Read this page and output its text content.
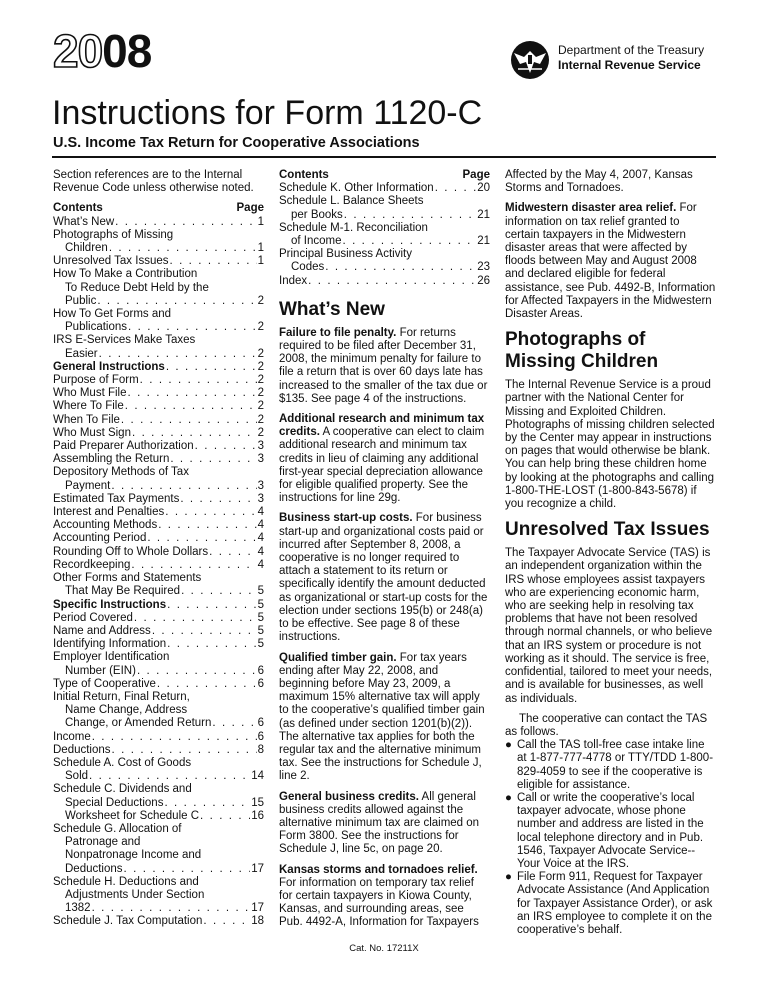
2008	Department of the Treasury
Internal Revenue Service
Instructions for Form 1120-C
U.S. Income Tax Return for Cooperative Associations

Section references are to the Internal Revenue Code unless otherwise noted.

Contents	Page
What’s New . . .	1
Photographs of Missing
Children . . .	1
Unresolved Tax Issues . . .	1
How To Make a Contribution
To Reduce Debt Held by the
Public . . .	2
How To Get Forms and
Publications . . .	2
IRS E-Services Make Taxes
Easier . . .	2
General Instructions . . .	2
Purpose of Form . . .	2
Who Must File . . .	2
Where To File . . .	2
When To File . . .	2
Who Must Sign . . .	2
Paid Preparer Authorization . . .	3
Assembling the Return . . .	3
Depository Methods of Tax
Payment . . .	3
Estimated Tax Payments . . .	3
Interest and Penalties . . .	4
Accounting Methods . . .	4
Accounting Period . . .	4
Rounding Off to Whole Dollars . . .	4
Recordkeeping . . .	4
Other Forms and Statements
That May Be Required . . .	5
Specific Instructions . . .	5
Period Covered . . .	5
Name and Address . . .	5
Identifying Information . . .	5
Employer Identification
Number (EIN) . . .	6
Type of Cooperative . . .	6
Initial Return, Final Return,
Name Change, Address
Change, or Amended Return . . .	6
Income . . .	6
Deductions . . .	8
Schedule A. Cost of Goods
Sold . . .	14
Schedule C. Dividends and
Special Deductions . . .	15
Worksheet for Schedule C . . .	16
Schedule G. Allocation of
Patronage and
Nonpatronage Income and
Deductions . . .	17
Schedule H. Deductions and
Adjustments Under Section
1382 . . .	17
Schedule J. Tax Computation . . .	18
Contents	Page
Schedule K. Other Information . . .	20
Schedule L. Balance Sheets
per Books . . .	21
Schedule M-1. Reconciliation
of Income . . .	21
Principal Business Activity
Codes . . .	23
Index . . .	26
What’s New

Failure to file penalty. For returns required to be filed after December 31, 2008, the minimum penalty for failure to file a return that is over 60 days late has increased to the smaller of the tax due or $135. See page 4 of the instructions.

Additional research and minimum tax credits. A cooperative can elect to claim additional research and minimum tax credits in lieu of claiming any additional first-year special depreciation allowance for eligible qualified property. See the instructions for line 29g.

Business start-up costs. For business start-up and organizational costs paid or incurred after September 8, 2008, a cooperative is no longer required to attach a statement to its return or specifically identify the amount deducted as organizational or start-up costs for the election under sections 195(b) or 248(a) to be effective. See page 8 of these instructions.

Qualified timber gain. For tax years ending after May 22, 2008, and beginning before May 23, 2009, a maximum 15% alternative tax will apply to the cooperative’s qualified timber gain (as defined under section 1201(b)(2)). The alternative tax applies for both the regular tax and the alternative minimum tax. See the instructions for Schedule J, line 2.

General business credits. All general business credits allowed against the alternative minimum tax are claimed on Form 3800. See the instructions for Schedule J, line 5c, on page 20.

Kansas storms and tornadoes relief. For information on temporary tax relief for certain taxpayers in Kiowa County, Kansas, and surrounding areas, see Pub. 4492-A, Information for Taxpayers

Affected by the May 4, 2007, Kansas Storms and Tornadoes.

Midwestern disaster area relief. For information on tax relief granted to certain taxpayers in the Midwestern disaster areas that were affected by floods between May and August 2008 and declared eligible for federal assistance, see Pub. 4492-B, Information for Affected Taxpayers in the Midwestern Disaster Areas.

Photographs of Missing Children

The Internal Revenue Service is a proud partner with the National Center for Missing and Exploited Children. Photographs of missing children selected by the Center may appear in instructions on pages that would otherwise be blank. You can help bring these children home by looking at the photographs and calling 1-800-THE-LOST (1-800-843-5678) if you recognize a child.

Unresolved Tax Issues

The Taxpayer Advocate Service (TAS) is an independent organization within the IRS whose employees assist taxpayers who are experiencing economic harm, who are seeking help in resolving tax problems that have not been resolved through normal channels, or who believe that an IRS system or procedure is not working as it should. The service is free, confidential, tailored to meet your needs, and is available for businesses, as well as individuals.

The cooperative can contact the TAS as follows.

● Call the TAS toll-free case intake line at 1-877-777-4778 or TTY/TDD 1-800-829-4059 to see if the cooperative is eligible for assistance.

● Call or write the cooperative’s local taxpayer advocate, whose phone number and address are listed in the local telephone directory and in Pub. 1546, Taxpayer Advocate Service--Your Voice at the IRS.

● File Form 911, Request for Taxpayer Advocate Assistance (And Application for Taxpayer Assistance Order), or ask an IRS employee to complete it on the cooperative’s behalf.

Cat. No. 17211X
